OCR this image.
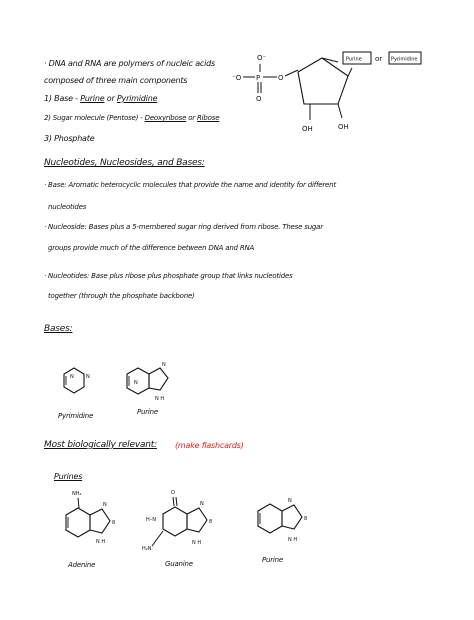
· DNA and RNA are polymers of nucleic acids
composed of three main components
1) Base - Purine or Pyrimidine
2) Sugar molecule (Pentose) - Deoxyribose or Ribose
3) Phosphate
O⁻
⁻O P	O
O
OH	OH
Purine or Pyrimidine
Nucleotides, Nucleosides, and Bases:
· Base: Aromatic heterocyclic molecules that provide the name and identity for different
nucleotides
· Nucleoside: Bases plus a 5-membered sugar ring derived from ribose. These sugar
groups provide much of the difference between DNA and RNA
· Nucleotides: Base plus ribose plus phosphate group that links nucleotides
together (through the phosphate backbone)
Bases:
N
N
N
N
N H
Pyrimidine	Purine
Most biologically relevant: (make flashcards)
Purines
NH₂
N
8
N H
O
H–N
H₂N
N
8
N H
N
8
N H
Adenine	Guanine	Purine
